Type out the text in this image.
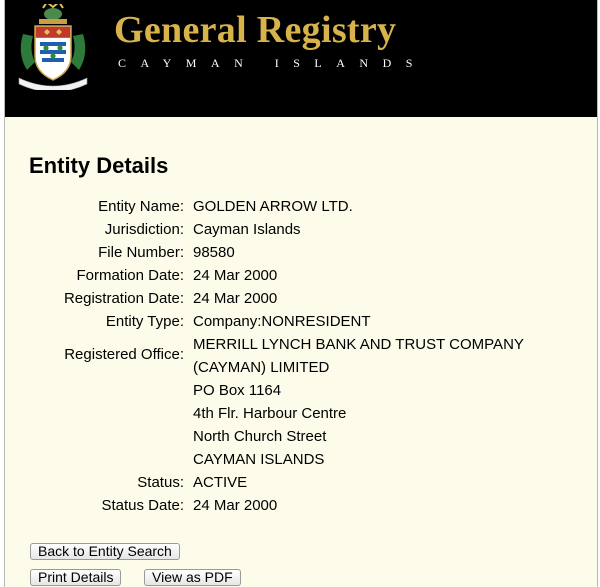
General Registry
CAYMAN ISLANDS
Entity Details
Entity Name: GOLDEN ARROW LTD.
Jurisdiction: Cayman Islands
File Number: 98580
Formation Date: 24 Mar 2000
Registration Date: 24 Mar 2000
Entity Type: Company:NONRESIDENT
Registered Office:
MERRILL LYNCH BANK AND TRUST COMPANY
(CAYMAN) LIMITED
PO Box 1164
4th Flr. Harbour Centre
North Church Street
CAYMAN ISLANDS
Status: ACTIVE
Status Date: 24 Mar 2000
Back to Entity Search
Print Details	View as PDF
